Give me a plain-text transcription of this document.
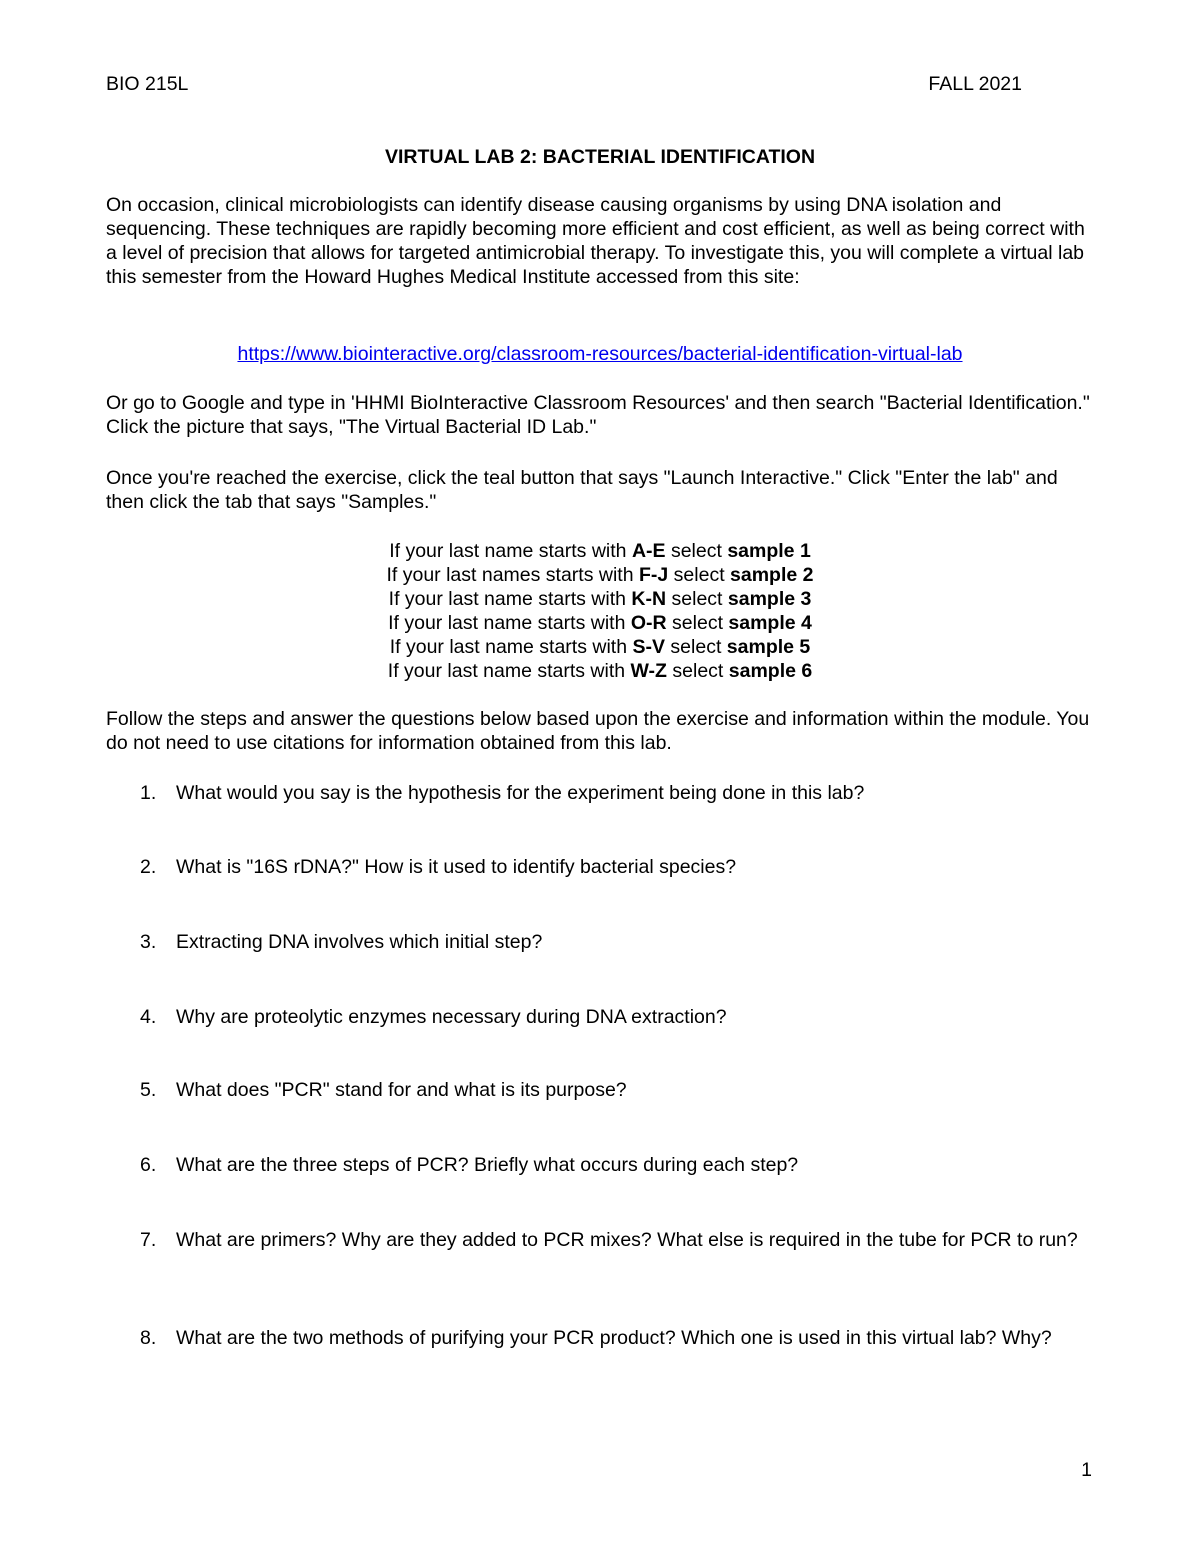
BIO 215L	FALL 2021
VIRTUAL LAB 2: BACTERIAL IDENTIFICATION
On occasion, clinical microbiologists can identify disease causing organisms by using DNA isolation and sequencing. These techniques are rapidly becoming more efficient and cost efficient, as well as being correct with a level of precision that allows for targeted antimicrobial therapy. To investigate this, you will complete a virtual lab this semester from the Howard Hughes Medical Institute accessed from this site:
https://www.biointeractive.org/classroom-resources/bacterial-identification-virtual-lab
Or go to Google and type in 'HHMI BioInteractive Classroom Resources' and then search "Bacterial Identification." Click the picture that says, "The Virtual Bacterial ID Lab."
Once you're reached the exercise, click the teal button that says "Launch Interactive." Click "Enter the lab" and then click the tab that says "Samples."
If your last name starts with A-E select sample 1
If your last names starts with F-J select sample 2
If your last name starts with K-N select sample 3
If your last name starts with O-R select sample 4
If your last name starts with S-V select sample 5
If your last name starts with W-Z select sample 6
Follow the steps and answer the questions below based upon the exercise and information within the module. You do not need to use citations for information obtained from this lab.
1.	What would you say is the hypothesis for the experiment being done in this lab?
2.	What is "16S rDNA?" How is it used to identify bacterial species?
3.	Extracting DNA involves which initial step?
4.	Why are proteolytic enzymes necessary during DNA extraction?
5.	What does "PCR" stand for and what is its purpose?
6.	What are the three steps of PCR? Briefly what occurs during each step?
7.	What are primers? Why are they added to PCR mixes? What else is required in the tube for PCR to run?
8.	What are the two methods of purifying your PCR product? Which one is used in this virtual lab? Why?
1
